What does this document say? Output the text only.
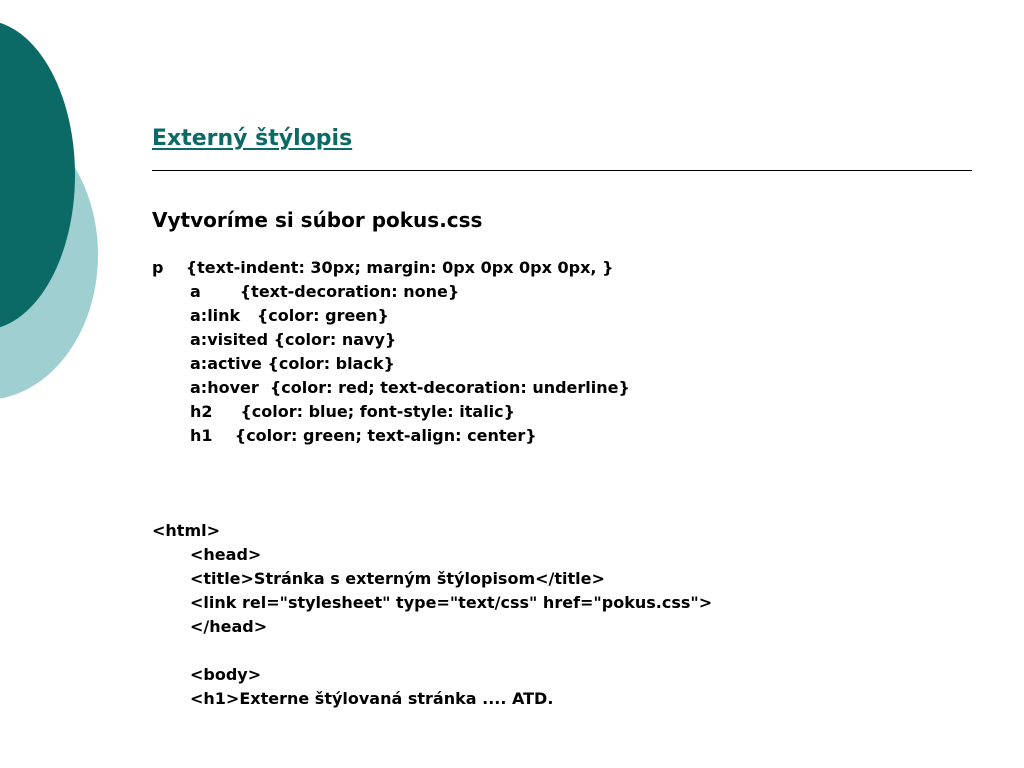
Externý štýlopis
Vytvoríme si súbor pokus.css

p    {text-indent: 30px; margin: 0px 0px 0px 0px, }

a       {text-decoration: none}

a:link   {color: green}

a:visited {color: navy}

a:active {color: black}

a:hover  {color: red; text-decoration: underline}

h2     {color: blue; font-style: italic}

h1    {color: green; text-align: center}

<html>

<head>

<title>Stránka s externým štýlopisom</title>

<link rel="stylesheet" type="text/css" href="pokus.css">

</head>

<body>

<h1>Externe štýlovaná stránka .... ATD.
